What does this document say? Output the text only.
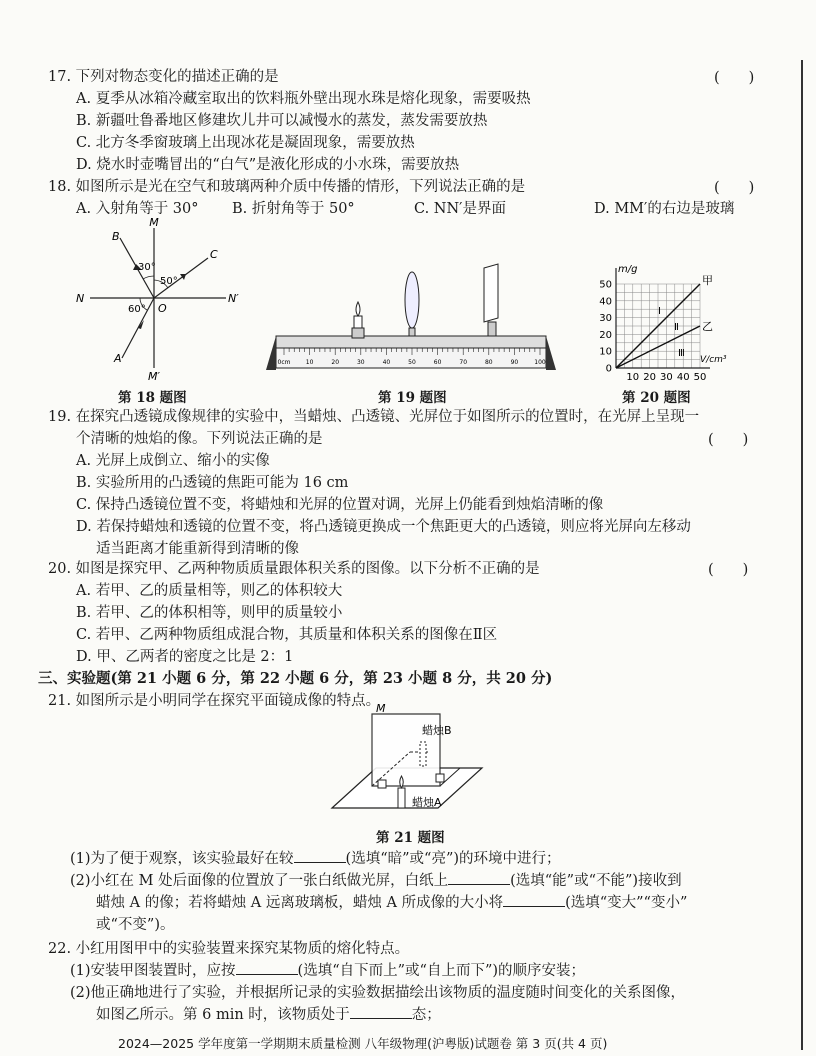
17. 下列对物态变化的描述正确的是	(　　)
A. 夏季从冰箱冷藏室取出的饮料瓶外壁出现水珠是熔化现象，需要吸热
B. 新疆吐鲁番地区修建坎儿井可以减慢水的蒸发，蒸发需要放热
C. 北方冬季窗玻璃上出现冰花是凝固现象，需要放热
D. 烧水时壶嘴冒出的“白气”是液化形成的小水珠，需要放热
18. 如图所示是光在空气和玻璃两种介质中传播的情形，下列说法正确的是	(　　)
A. 入射角等于 30° B. 折射角等于 50°	C. NN′是界面	D. MM′的右边是玻璃
M
M′
N	N′
O
A
B
C
30°
50°
60°
第 18 题图
0cm	10	20	30	40	50	60	70	80	90	100
第 19 题图
m/g
V/cm³
50
40
30
20
10
0
10 20 30 40 50
甲
乙
Ⅰ
Ⅱ
Ⅲ
第 20 题图
19. 在探究凸透镜成像规律的实验中，当蜡烛、凸透镜、光屏位于如图所示的位置时，在光屏上呈现一
个清晰的烛焰的像。下列说法正确的是	(　　)
A. 光屏上成倒立、缩小的实像
B. 实验所用的凸透镜的焦距可能为 16 cm
C. 保持凸透镜位置不变，将蜡烛和光屏的位置对调，光屏上仍能看到烛焰清晰的像
D. 若保持蜡烛和透镜的位置不变，将凸透镜更换成一个焦距更大的凸透镜，则应将光屏向左移动
适当距离才能重新得到清晰的像
20. 如图是探究甲、乙两种物质质量跟体积关系的图像。以下分析不正确的是	(　　)
A. 若甲、乙的质量相等，则乙的体积较大
B. 若甲、乙的体积相等，则甲的质量较小
C. 若甲、乙两种物质组成混合物，其质量和体积关系的图像在Ⅱ区
D. 甲、乙两者的密度之比是 2：1
三、实验题(第 21 小题 6 分，第 22 小题 6 分，第 23 小题 8 分，共 20 分)
21. 如图所示是小明同学在探究平面镜成像的特点。
M
蜡烛B
蜡烛A
第 21 题图
(1)为了便于观察，该实验最好在较	(选填“暗”或“亮”)的环境中进行；
(2)小红在 M 处后面像的位置放了一张白纸做光屏，白纸上	(选填“能”或“不能”)接收到
蜡烛 A 的像；若将蜡烛 A 远离玻璃板，蜡烛 A 所成像的大小将	(选填“变大”“变小”
或“不变”)。
22. 小红用图甲中的实验装置来探究某物质的熔化特点。
(1)安装甲图装置时，应按	(选填“自下而上”或“自上而下”)的顺序安装；
(2)他正确地进行了实验，并根据所记录的实验数据描绘出该物质的温度随时间变化的关系图像，
如图乙所示。第 6 min 时，该物质处于	态；
2024—2025 学年度第一学期期末质量检测 八年级物理(沪粤版)试题卷 第 3 页(共 4 页)
